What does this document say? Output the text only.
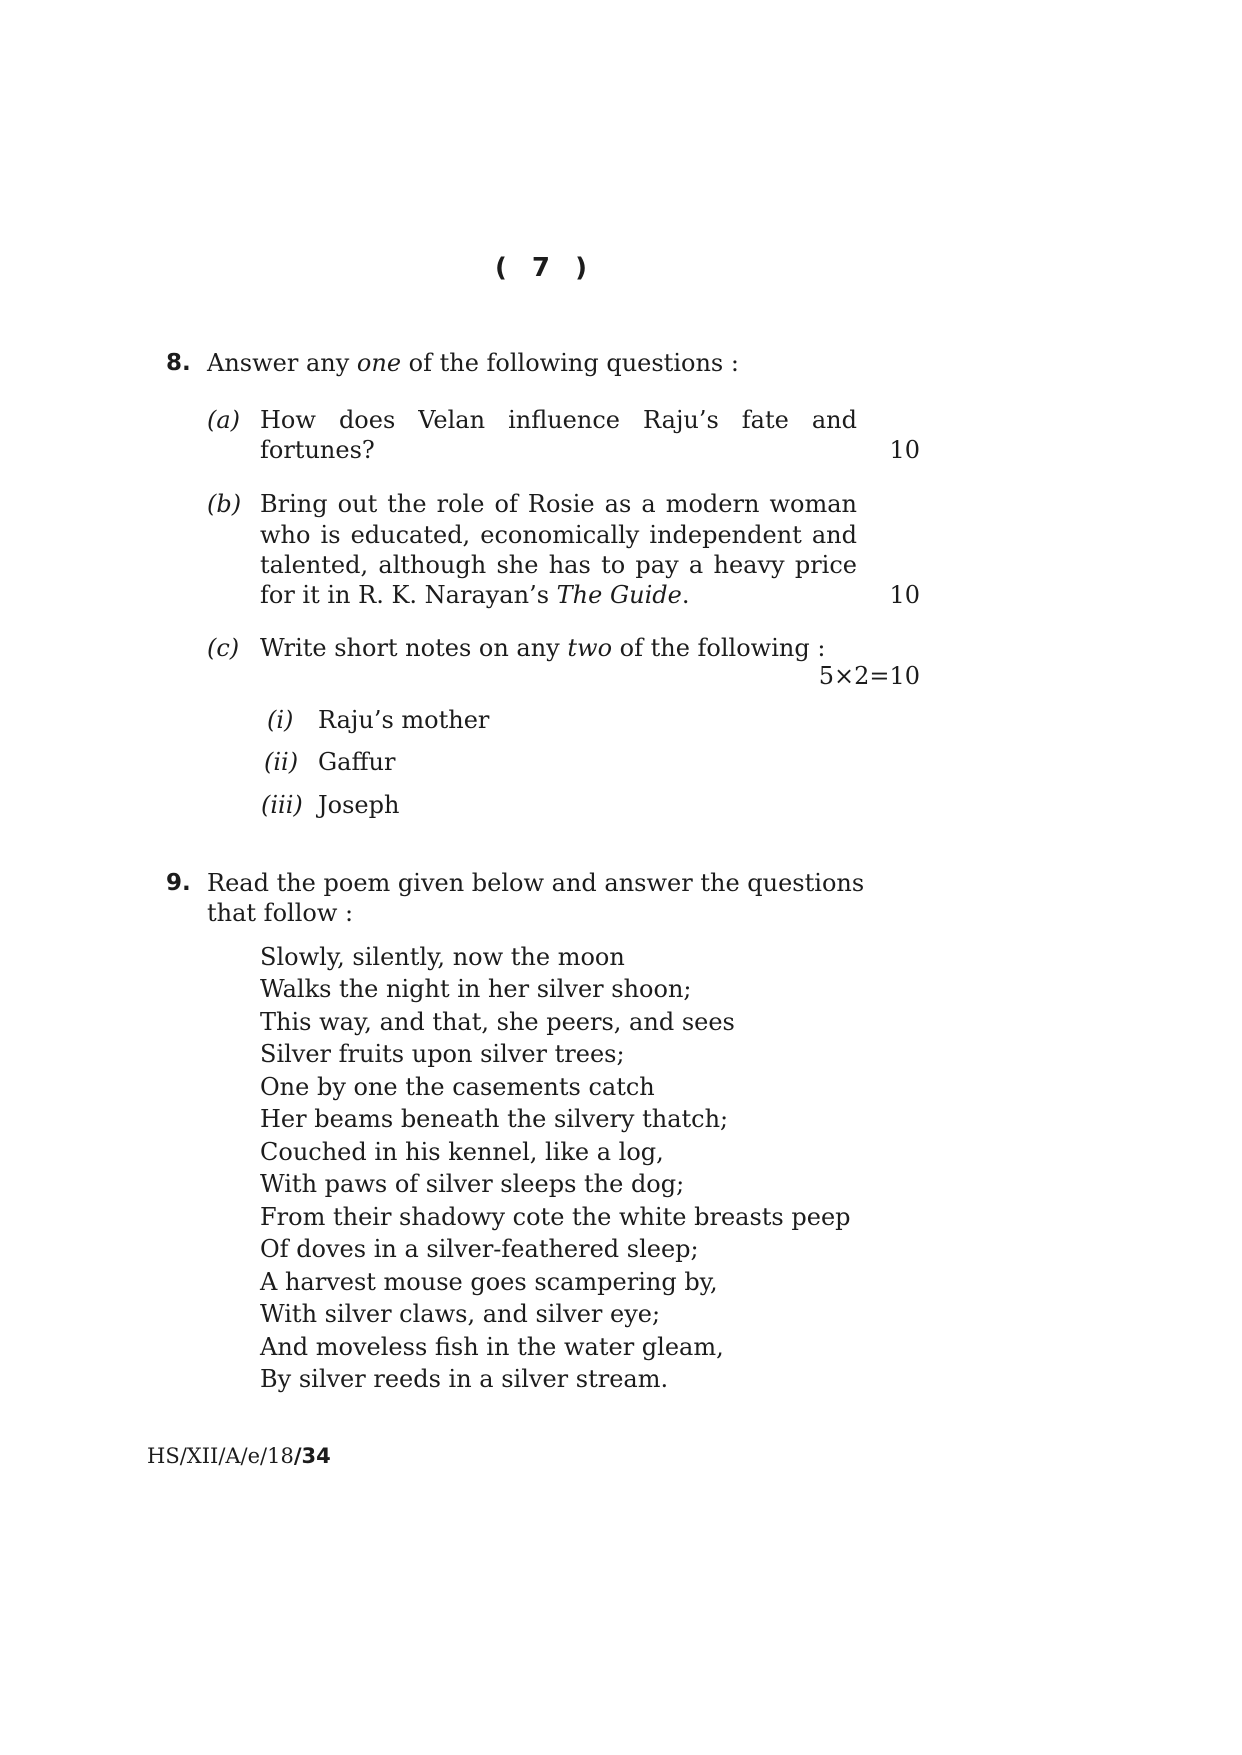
( 7 )
8. Answer any one of the following questions :
(a) How does Velan influence Raju’s fate and
fortunes?	10
(b) Bring out the role of Rosie as a modern woman
who is educated, economically independent and
talented, although she has to pay a heavy price
for it in R. K. Narayan’s The Guide.	10
(c) Write short notes on any two of the following :
5×2=10
(i) Raju’s mother
(ii) Gaffur
(iii) Joseph
9. Read the poem given below and answer the questions
that follow :
Slowly, silently, now the moon
Walks the night in her silver shoon;
This way, and that, she peers, and sees
Silver fruits upon silver trees;
One by one the casements catch
Her beams beneath the silvery thatch;
Couched in his kennel, like a log,
With paws of silver sleeps the dog;
From their shadowy cote the white breasts peep
Of doves in a silver-feathered sleep;
A harvest mouse goes scampering by,
With silver claws, and silver eye;
And moveless fish in the water gleam,
By silver reeds in a silver stream.
HS/XII/A/e/18/34
